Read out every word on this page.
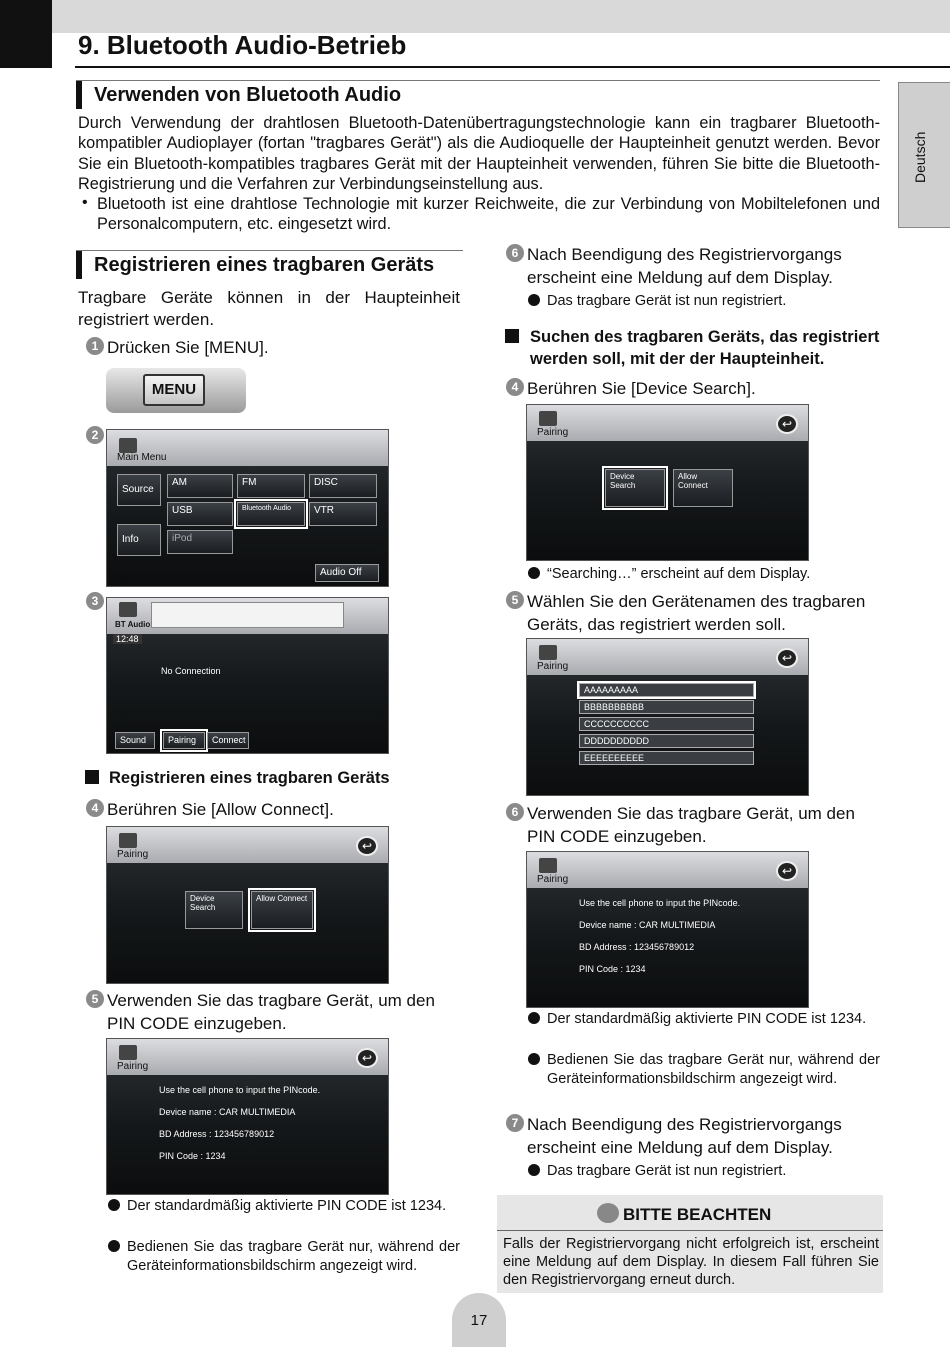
9. Bluetooth Audio-Betrieb
Deutsch
Verwenden von Bluetooth Audio
Durch Verwendung der drahtlosen Bluetooth-Datenübertragungstechnologie kann ein tragbarer Bluetooth-kompatibler Audioplayer (fortan "tragbares Gerät") als die Audioquelle der Haupteinheit genutzt werden. Bevor Sie ein Bluetooth-kompatibles tragbares Gerät mit der Haupteinheit verwenden, führen Sie bitte die Bluetooth-Registrierung und die Verfahren zur Verbindungseinstellung aus.
• Bluetooth ist eine drahtlose Technologie mit kurzer Reichweite, die zur Verbindung von Mobiltelefonen und Personalcomputern, etc. eingesetzt wird.
Registrieren eines tragbaren Geräts
Tragbare Geräte können in der Haupteinheit registriert werden.
1 Drücken Sie [MENU].
MENU
2
Main Menu
Source
Info
AM	FM	DISC
USB	Bluetooth Audio	VTR
iPod
Audio Off
3
BT Audio
12:48
No Connection
Sound	Pairing	Connect
Registrieren eines tragbaren Geräts
4 Berühren Sie [Allow Connect].
Pairing
↩
Device Search
Allow Connect
5 Verwenden Sie das tragbare Gerät, um den PIN CODE einzugeben.
Pairing
↩
Use the cell phone to input the PINcode.
Device name : CAR MULTIMEDIA
BD Address : 123456789012
PIN Code : 1234
Der standardmäßig aktivierte PIN CODE ist 1234.
Bedienen Sie das tragbare Gerät nur, während der Geräteinformationsbildschirm angezeigt wird.
6 Nach Beendigung des Registriervorgangs erscheint eine Meldung auf dem Display.
Das tragbare Gerät ist nun registriert.
Suchen des tragbaren Geräts, das registriert werden soll, mit der der Haupteinheit.
4 Berühren Sie [Device Search].
Pairing
↩
Device Search
Allow Connect
“Searching…” erscheint auf dem Display.
5 Wählen Sie den Gerätenamen des tragbaren Geräts, das registriert werden soll.
Pairing
↩
AAAAAAAAA
BBBBBBBBBB
CCCCCCCCCC
DDDDDDDDDD
EEEEEEEEEE
6 Verwenden Sie das tragbare Gerät, um den PIN CODE einzugeben.
Pairing
↩
Use the cell phone to input the PINcode.
Device name : CAR MULTIMEDIA
BD Address : 123456789012
PIN Code : 1234
Der standardmäßig aktivierte PIN CODE ist 1234.
Bedienen Sie das tragbare Gerät nur, während der Geräteinformationsbildschirm angezeigt wird.
7 Nach Beendigung des Registriervorgangs erscheint eine Meldung auf dem Display.
Das tragbare Gerät ist nun registriert.
BITTE BEACHTEN
Falls der Registriervorgang nicht erfolgreich ist, erscheint eine Meldung auf dem Display. In diesem Fall führen Sie den Registriervorgang erneut durch.
17
